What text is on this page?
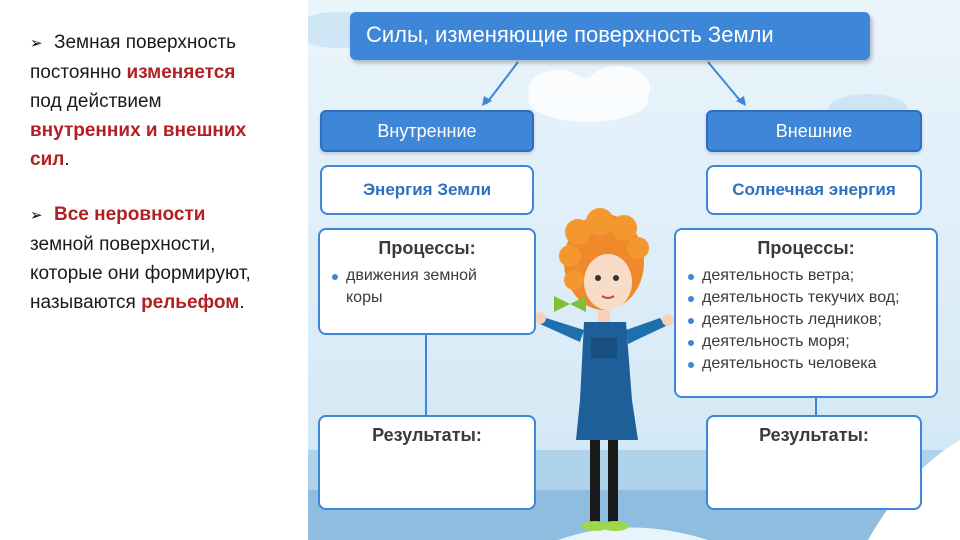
➢ Земная поверхность
постоянно изменяется
под действием
внутренних и внешних
сил.
➢ Все неровности
земной поверхности,
которые они формируют,
называются рельефом.
Силы, изменяющие поверхность Земли
Внутренние
Энергия Земли
Процессы:
движения земной
коры
Результаты:
Внешние
Солнечная энергия
Процессы:
деятельность ветра;
деятельность текучих вод;
деятельность ледников;
деятельность моря;
деятельность человека
Результаты:
